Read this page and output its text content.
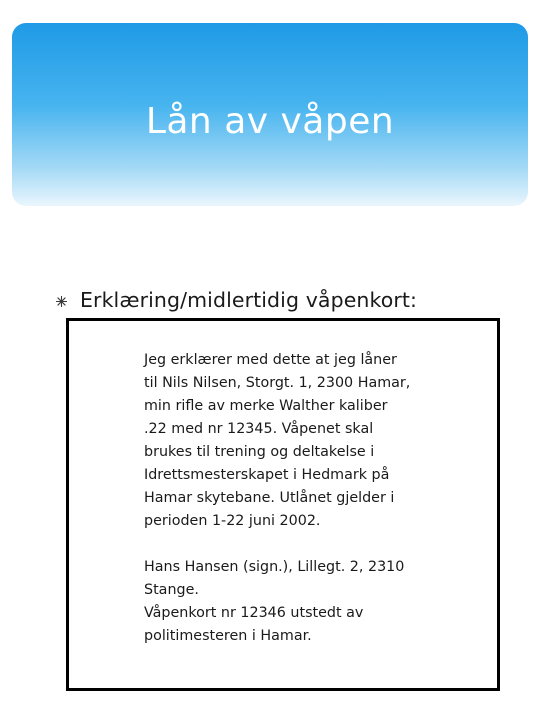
Lån av våpen
Erklæring/midlertidig våpenkort:

Jeg erklærer med dette at jeg låner
til Nils Nilsen, Storgt. 1, 2300 Hamar,
min rifle av merke Walther kaliber
.22 med nr 12345. Våpenet skal
brukes til trening og deltakelse i
Idrettsmesterskapet i Hedmark på
Hamar skytebane. Utlånet gjelder i
perioden 1-22 juni 2002.

Hans Hansen (sign.), Lillegt. 2, 2310
Stange.
Våpenkort nr 12346 utstedt av
politimesteren i Hamar.
